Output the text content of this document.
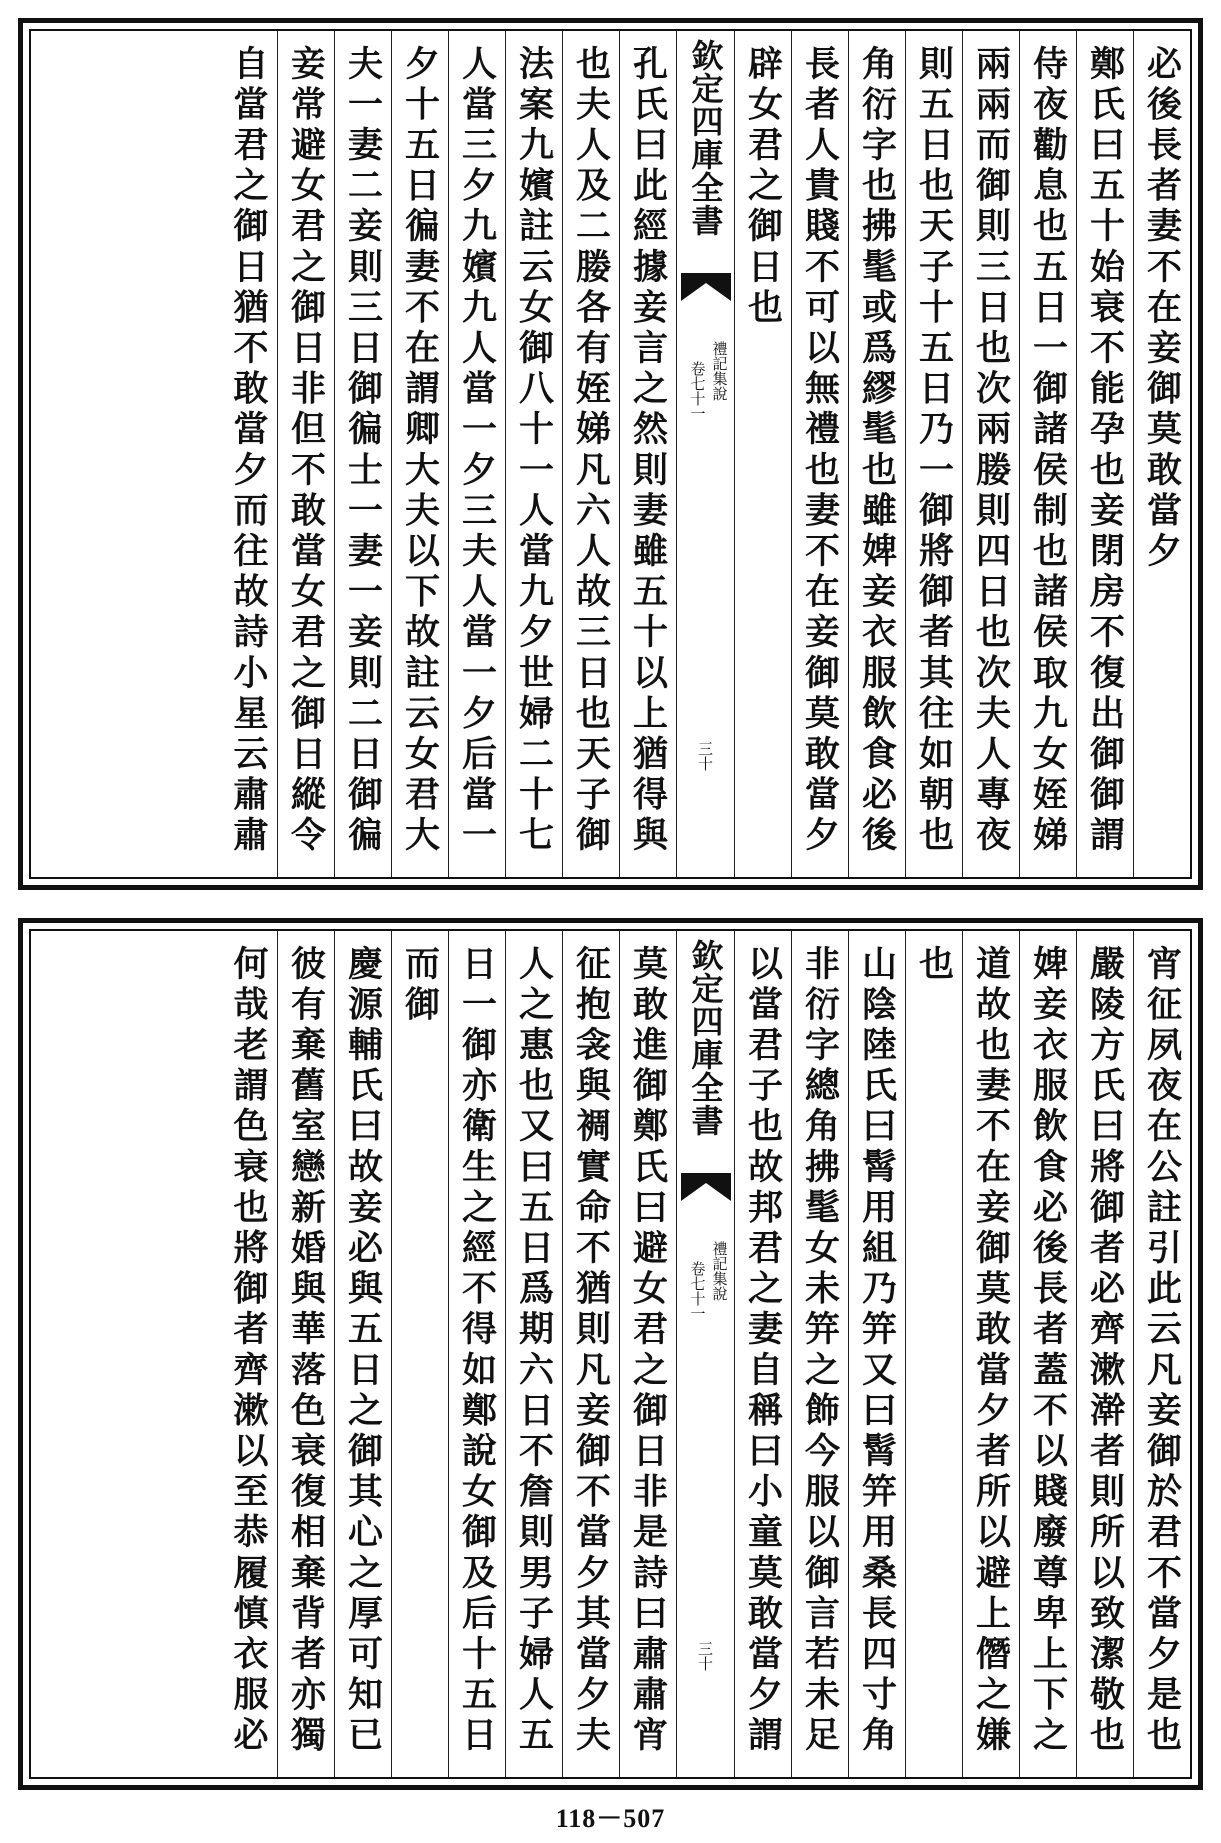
必後長者妻不在妾御莫敢當夕
鄭氏曰五十始衰不能孕也妾閉房不復出御御謂
侍夜勸息也五日一御諸侯制也諸侯取九女姪娣
兩兩而御則三日也次兩媵則四日也次夫人專夜
則五日也天子十五日乃一御將御者其往如朝也
角衍字也拂髦或爲繆髦也雖婢妾衣服飲食必後
長者人貴賤不可以無禮也妻不在妾御莫敢當夕
辟女君之御日也
欽定四庫全書
禮記集說
卷七十一
三十
孔氏曰此經據妾言之然則妻雖五十以上猶得與
也夫人及二媵各有姪娣凡六人故三日也天子御
法案九嬪註云女御八十一人當九夕世婦二十七
人當三夕九嬪九人當一夕三夫人當一夕后當一
夕十五日徧妻不在謂卿大夫以下故註云女君大
夫一妻二妾則三日御徧士一妻一妾則二日御徧
妾常避女君之御日非但不敢當女君之御日縱令
自當君之御日猶不敢當夕而往故詩小星云肅肅
宵征夙夜在公註引此云凡妾御於君不當夕是也
嚴陵方氏曰將御者必齊漱澣者則所以致潔敬也
婢妾衣服飲食必後長者蓋不以賤廢尊卑上下之
道故也妻不在妾御莫敢當夕者所以避上僭之嫌
也
山陰陸氏曰髾用組乃笄又曰髾笄用桑長四寸角
非衍字總角拂髦女未笄之飾今服以御言若未足
以當君子也故邦君之妻自稱曰小童莫敢當夕謂
欽定四庫全書
禮記集說
卷七十一
三十
莫敢進御鄭氏曰避女君之御日非是詩曰肅肅宵
征抱衾與裯實命不猶則凡妾御不當夕其當夕夫
人之惠也又曰五日爲期六日不詹則男子婦人五
日一御亦衛生之經不得如鄭說女御及后十五日
而御
慶源輔氏曰故妾必與五日之御其心之厚可知已
彼有棄舊室戀新婚與華落色衰復相棄背者亦獨
何哉老謂色衰也將御者齊漱以至恭履慎衣服必
118－507
